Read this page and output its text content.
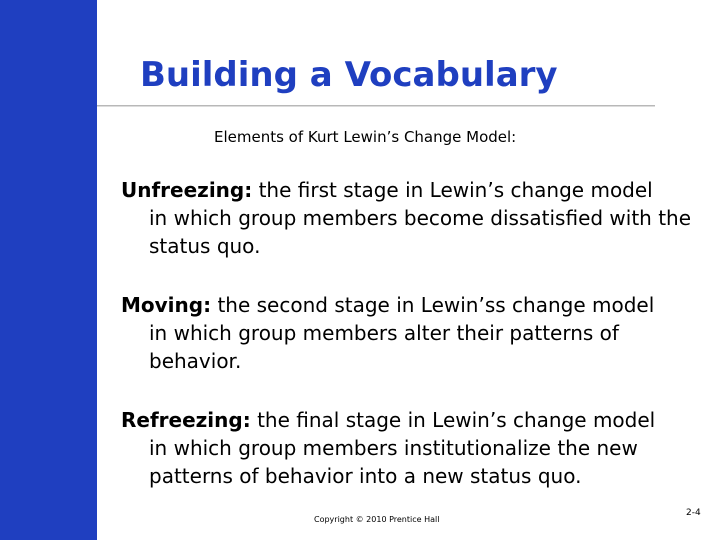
Building a Vocabulary
Elements of Kurt Lewin’s Change Model:
Unfreezing: the first stage in Lewin’s change model
in which group members become dissatisfied with the status quo.
Moving: the second stage in Lewin’ss change model
in which group members alter their patterns of behavior.
Refreezing: the final stage in Lewin’s change model
in which group members institutionalize the new patterns of behavior into a new status quo.
Copyright © 2010 Prentice Hall
2-4
